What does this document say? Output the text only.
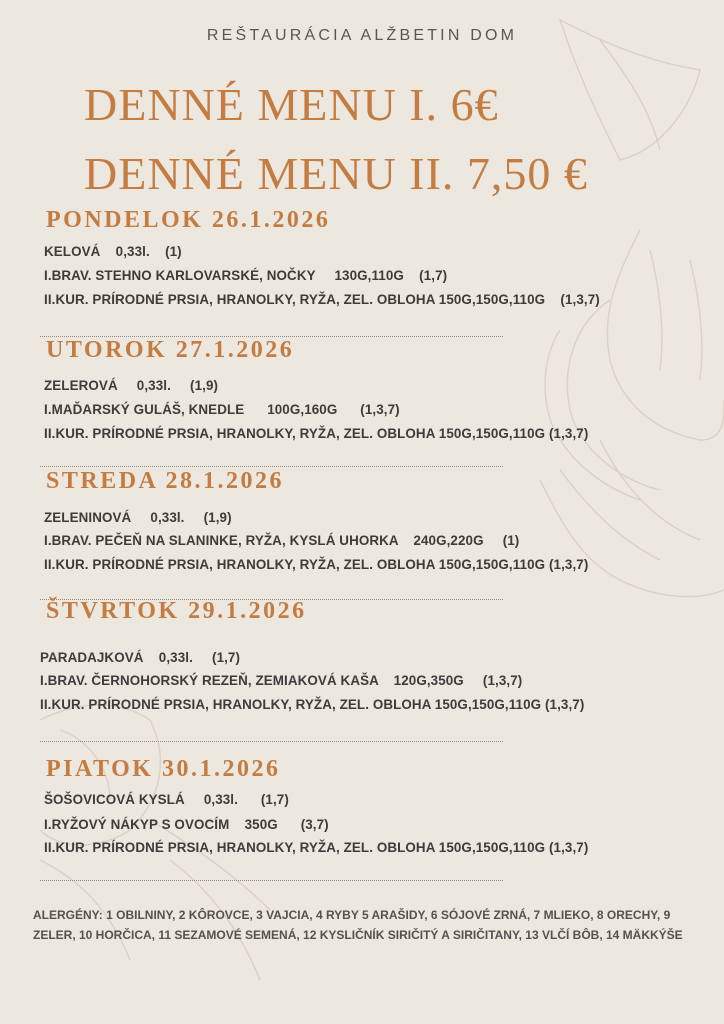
REŠTAURÁCIA ALŽBETIN DOM
DENNÉ MENU I. 6€
DENNÉ MENU II. 7,50 €
PONDELOK 26.1.2026
KELOVÁ    0,33l.    (1)
I.BRAV. STEHNO KARLOVARSKÉ, NOČKY     130G,110G    (1,7)
II.KUR. PRÍRODNÉ PRSIA, HRANOLKY, RYŽA, ZEL. OBLOHA 150G,150G,110G    (1,3,7)
UTOROK 27.1.2026
ZELEROVÁ     0,33l.     (1,9)
I.MAĎARSKÝ GULÁŠ, KNEDLE      100G,160G      (1,3,7)
II.KUR. PRÍRODNÉ PRSIA, HRANOLKY, RYŽA, ZEL. OBLOHA 150G,150G,110G (1,3,7)
STREDA 28.1.2026
ZELENINOVÁ     0,33l.     (1,9)
I.BRAV. PEČEŇ NA SLANINKE, RYŽA, KYSLÁ UHORKA    240G,220G     (1)
II.KUR. PRÍRODNÉ PRSIA, HRANOLKY, RYŽA, ZEL. OBLOHA 150G,150G,110G (1,3,7)
ŠTVRTOK 29.1.2026
PARADAJKOVÁ    0,33l.     (1,7)
I.BRAV. ČERNOHORSKÝ REZEŇ, ZEMIAKOVÁ KAŠA    120G,350G     (1,3,7)
II.KUR. PRÍRODNÉ PRSIA, HRANOLKY, RYŽA, ZEL. OBLOHA 150G,150G,110G (1,3,7)
PIATOK 30.1.2026
ŠOŠOVICOVÁ KYSLÁ     0,33l.      (1,7)
I.RYŽOVÝ NÁKYP S OVOCÍM    350G      (3,7)
II.KUR. PRÍRODNÉ PRSIA, HRANOLKY, RYŽA, ZEL. OBLOHA 150G,150G,110G (1,3,7)
ALERGÉNY: 1 OBILNINY, 2 KÔROVCE, 3 VAJCIA, 4 RYBY 5 ARAŠIDY, 6 SÓJOVÉ ZRNÁ, 7 MLIEKO, 8 ORECHY, 9 ZELER, 10 HORČICA, 11 SEZAMOVÉ SEMENÁ, 12 KYSLIČNÍK SIRIČITÝ A SIRIČITANY, 13 VLČÍ BÔB, 14 MÄKKÝŠE
